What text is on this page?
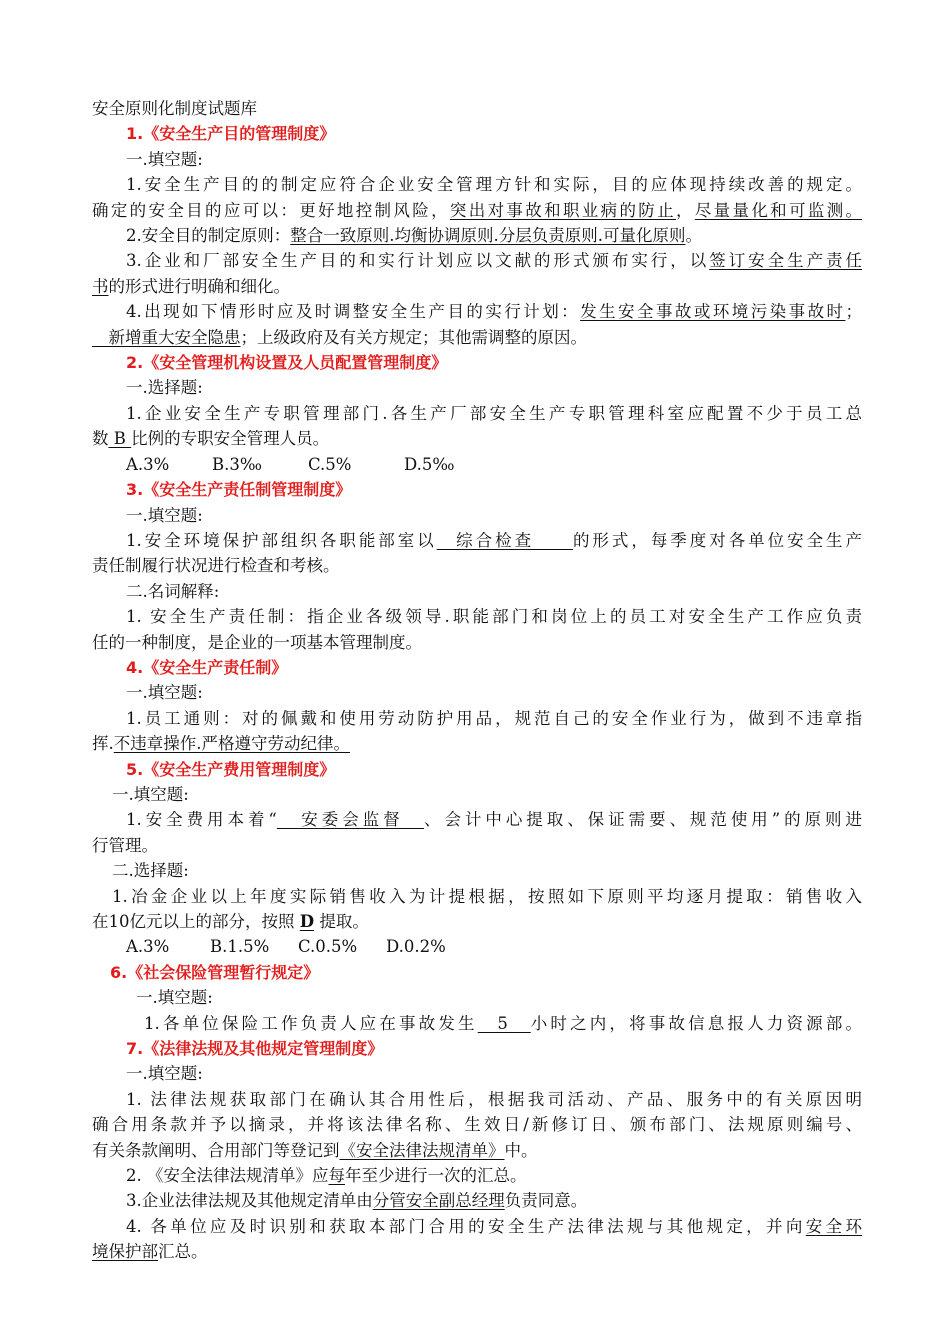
安全原则化制度试题库

1.《安全生产目的管理制度》

一.填空题:

1.安全生产目的的制定应符合企业安全管理方针和实际，目的应体现持续改善的规定。

确定的安全目的应可以：更好地控制风险，突出对事故和职业病的防止，尽量量化和可监测。

2.安全目的制定原则：整合一致原则.均衡协调原则.分层负责原则.可量化原则。

3.企业和厂部安全生产目的和实行计划应以文献的形式颁布实行，以签订安全生产责任

书的形式进行明确和细化。

4.出现如下情形时应及时调整安全生产目的实行计划：发生安全事故或环境污染事故时；

　新增重大安全隐患；上级政府及有关方规定；其他需调整的原因。

2.《安全管理机构设置及人员配置管理制度》

一.选择题:

1.企业安全生产专职管理部门.各生产厂部安全生产专职管理科室应配置不少于员工总

数 B 比例的专职安全管理人员。

A.3%	B.3‰	C.5%	D.5‰

3.《安全生产责任制管理制度》

一.填空题:

1.安全环境保护部组织各职能部室以　综合检查　　的形式，每季度对各单位安全生产

责任制履行状况进行检查和考核。

二.名词解释:

1. 安全生产责任制：指企业各级领导.职能部门和岗位上的员工对安全生产工作应负责

任的一种制度，是企业的一项基本管理制度。

4.《安全生产责任制》

一.填空题:

1.员工通则：对的佩戴和使用劳动防护用品，规范自己的安全作业行为，做到不违章指

挥.不违章操作.严格遵守劳动纪律。

5.《安全生产费用管理制度》

一.填空题:

1.安全费用本着“　安委会监督　、会计中心提取、保证需要、规范使用”的原则进

行管理。

二.选择题:

1.冶金企业以上年度实际销售收入为计提根据，按照如下原则平均逐月提取：销售收入

在10亿元以上的部分，按照 D 提取。

A.3% B.1.5% C.0.5% D.0.2%

6.《社会保险管理暂行规定》

一.填空题:

1.各单位保险工作负责人应在事故发生　5　小时之内，将事故信息报人力资源部。

7.《法律法规及其他规定管理制度》

一.填空题:

1. 法律法规获取部门在确认其合用性后，根据我司活动、产品、服务中的有关原因明

确合用条款并予以摘录，并将该法律名称、生效日/新修订日、颁布部门、法规原则编号、

有关条款阐明、合用部门等登记到《安全法律法规清单》中。

2. 《安全法律法规清单》应每年至少进行一次的汇总。

3.企业法律法规及其他规定清单由分管安全副总经理负责同意。

4. 各单位应及时识别和获取本部门合用的安全生产法律法规与其他规定，并向安全环

境保护部汇总。
